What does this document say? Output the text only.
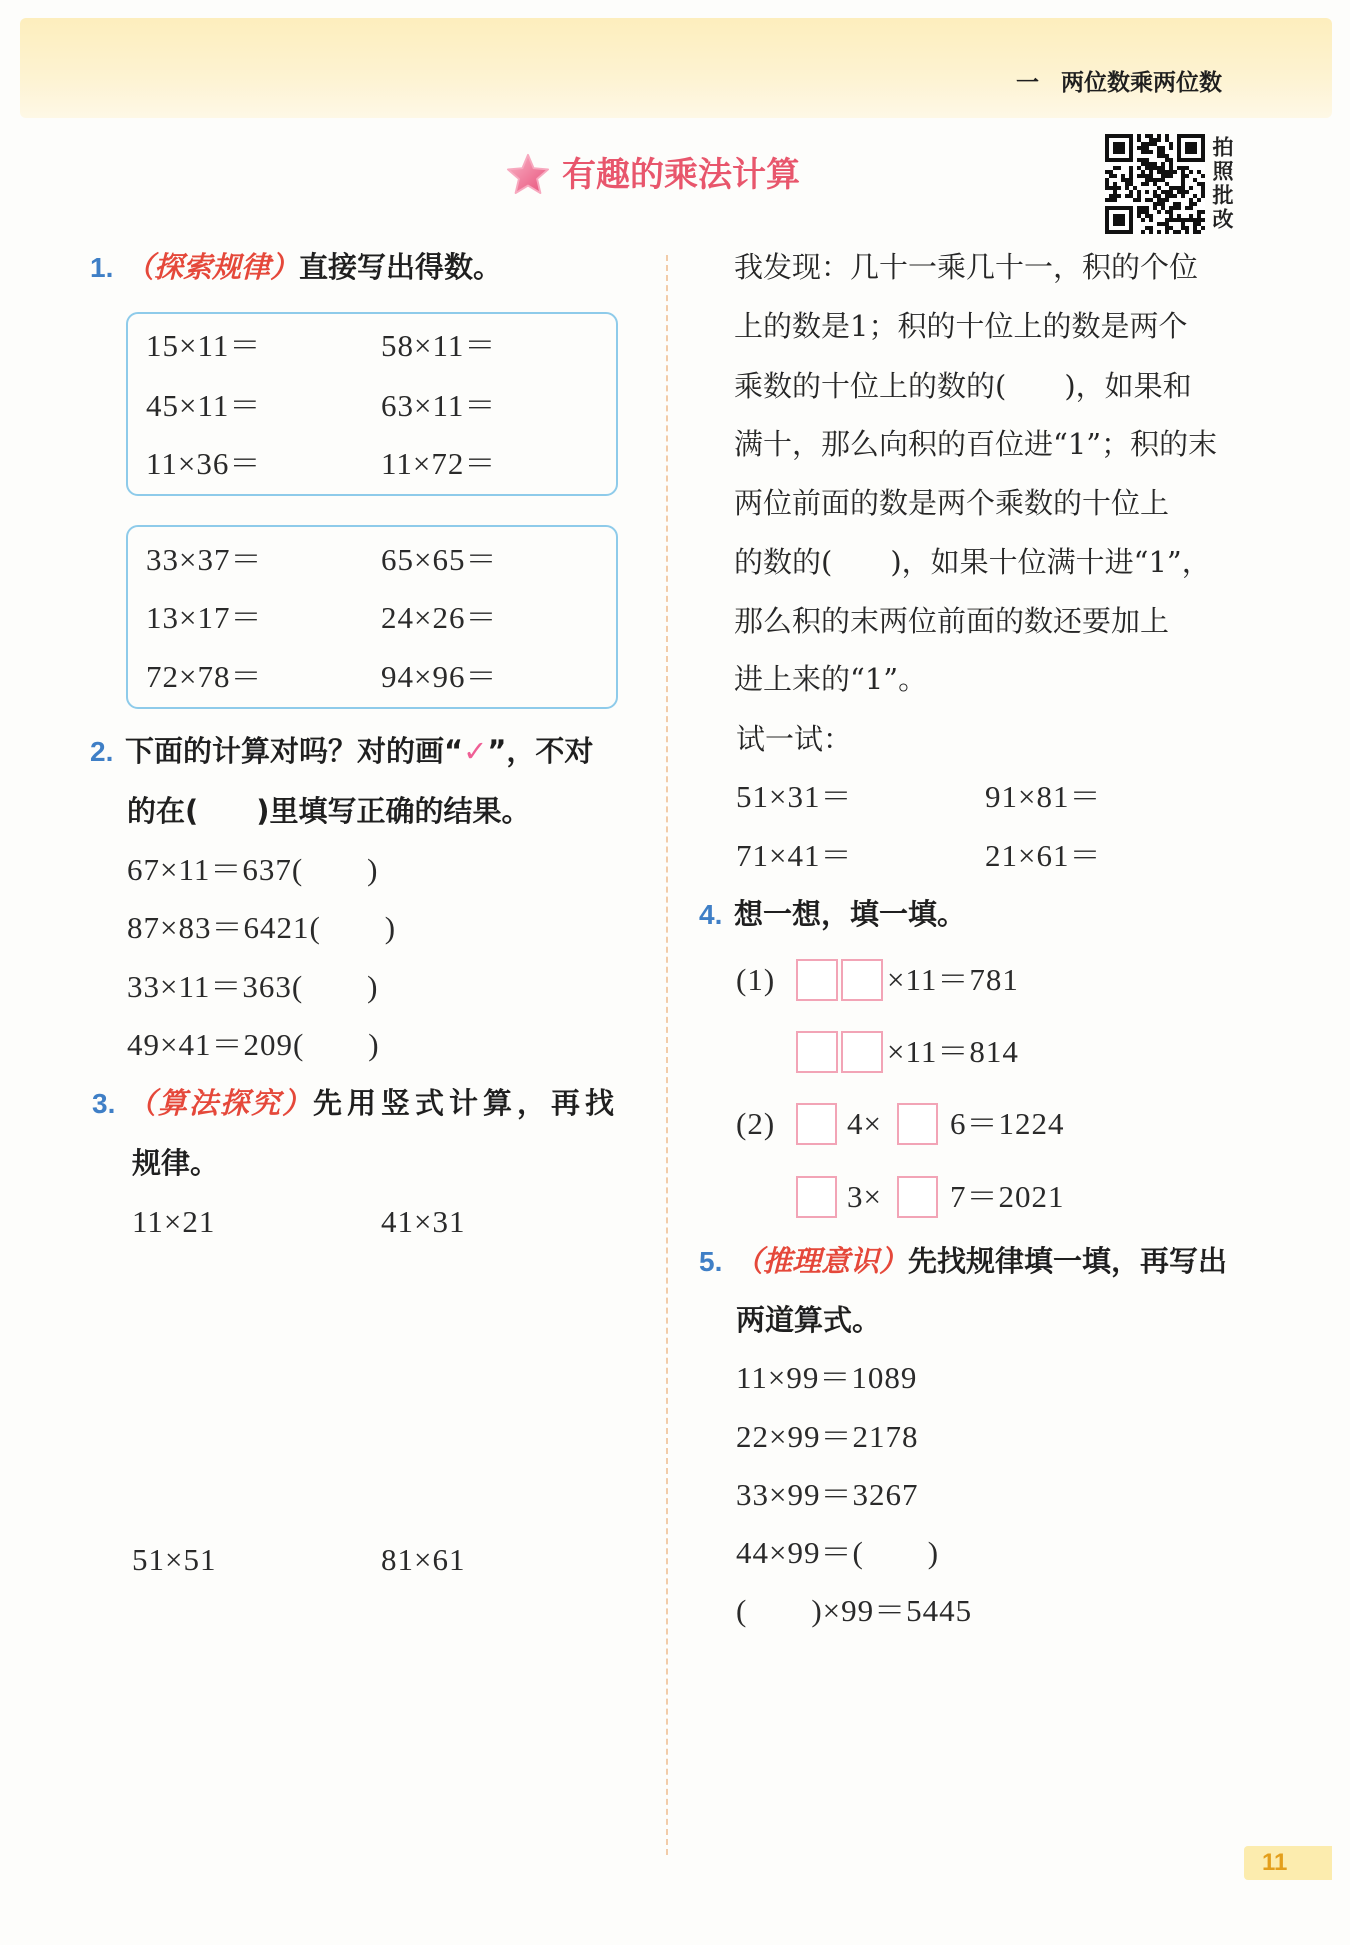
一 两位数乘两位数
有趣的乘法计算	拍照批改
1. （探索规律）直接写出得数。
15×11＝	58×11＝
45×11＝	63×11＝
11×36＝	11×72＝
33×37＝	65×65＝
13×17＝	24×26＝
72×78＝	94×96＝
2. 下面的计算对吗？对的画“✓”，不对
的在(　　)里填写正确的结果。
67×11＝637(　　)
87×83＝6421(　　)
33×11＝363(　　)
49×41＝209(　　)
3. （算法探究）先用竖式计算，再找
规律。
11×21	41×31
51×51	81×61
我发现：几十一乘几十一，积的个位
上的数是1；积的十位上的数是两个
乘数的十位上的数的(　　)，如果和
满十，那么向积的百位进“1”；积的末
两位前面的数是两个乘数的十位上
的数的(　　)，如果十位满十进“1”，
那么积的末两位前面的数还要加上
进上来的“1”。
试一试：
51×31＝	91×81＝
71×41＝	21×61＝
4. 想一想，填一填。
(1)	×11＝781
×11＝814
(2) 4× 6＝1224
3× 7＝2021
5. （推理意识）先找规律填一填，再写出
两道算式。
11×99＝1089
22×99＝2178
33×99＝3267
44×99＝(　　)
(　　)×99＝5445
11
